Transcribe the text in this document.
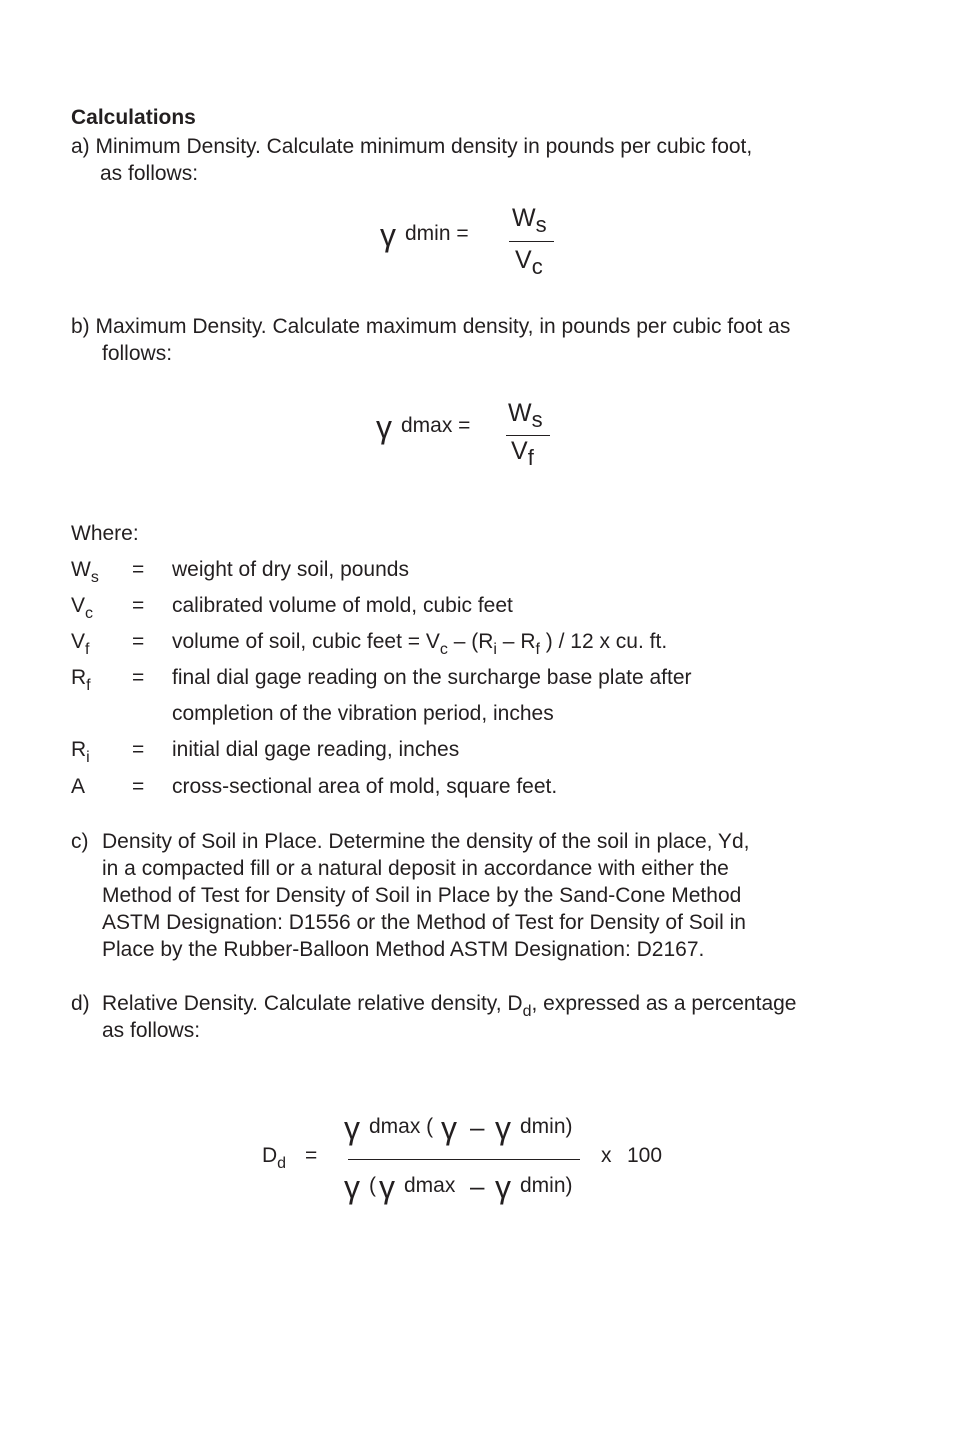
Calculations
a) Minimum Density. Calculate minimum density in pounds per cubic foot,
as follows:
γ dmin =
Ws
Vc
b) Maximum Density. Calculate maximum density, in pounds per cubic foot as
follows:
γ dmax = Ws
Vf
Where:
$W_s$ = weight of dry soil, pounds
$V_c$ = calibrated volume of mold, cubic feet
$V_f$ = volume of soil, cubic feet = $V_c - (R_i - R_f$ ) / 12 x cu. ft.
$R_f$ = final dial gage reading on the surcharge base plate after
completion of the vibration period, inches
$R_i$ = initial dial gage reading, inches
A = cross-sectional area of mold, square feet.
c) Density of Soil in Place. Determine the density of the soil in place, Yd,
in a compacted fill or a natural deposit in accordance with either the
Method of Test for Density of Soil in Place by the Sand-Cone Method
ASTM Designation: D1556 or the Method of Test for Density of Soil in
Place by the Rubber-Balloon Method ASTM Designation: D2167.
d) Relative Density. Calculate relative density, $D_d$, expressed as a percentage
as follows:
$D_d$ =
γ dmax ( γ – γ dmin)
γ ( γ dmax – γ dmin)
x 100
